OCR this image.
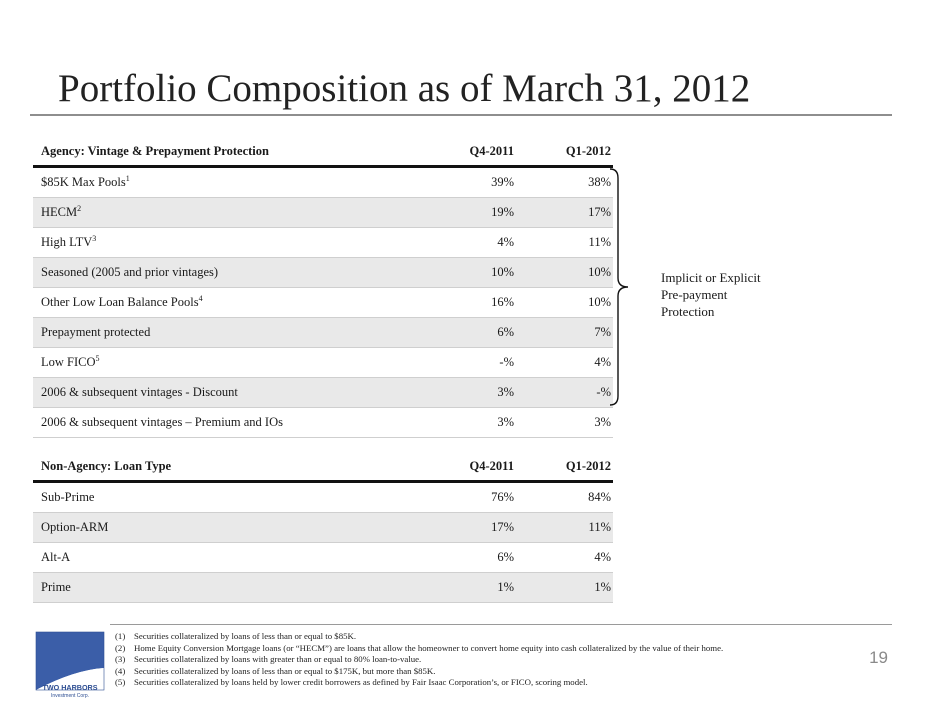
Portfolio Composition as of March 31, 2012
Agency: Vintage & Prepayment Protection	Q4-2011	Q1-2012
$85K Max Pools$^1$	39%	38%
HECM$^2$	19%	17%
High LTV$^3$	4%	11%
Seasoned (2005 and prior vintages)	10%	10%
Other Low Loan Balance Pools$^4$	16%	10%
Prepayment protected	6%	7%
Low FICO$^5$	-%	4%
2006 & subsequent vintages - Discount	3%	-%
2006 & subsequent vintages – Premium and IOs	3%	3%
Implicit or Explicit
Pre-payment
Protection
Non-Agency: Loan Type	Q4-2011	Q1-2012
Sub-Prime	76%	84%
Option-ARM	17%	11%
Alt-A	6%	4%
Prime	1%	1%
TWO HARBORS
Investment Corp.
(1) Securities collateralized by loans of less than or equal to $85K.
(2) Home Equity Conversion Mortgage loans (or “HECM”) are loans that allow the homeowner to convert home equity into cash collateralized by the value of their home.
(3) Securities collateralized by loans with greater than or equal to 80% loan-to-value.
(4) Securities collateralized by loans of less than or equal to $175K, but more than $85K.
(5) Securities collateralized by loans held by lower credit borrowers as defined by Fair Isaac Corporation’s, or FICO, scoring model.
19
